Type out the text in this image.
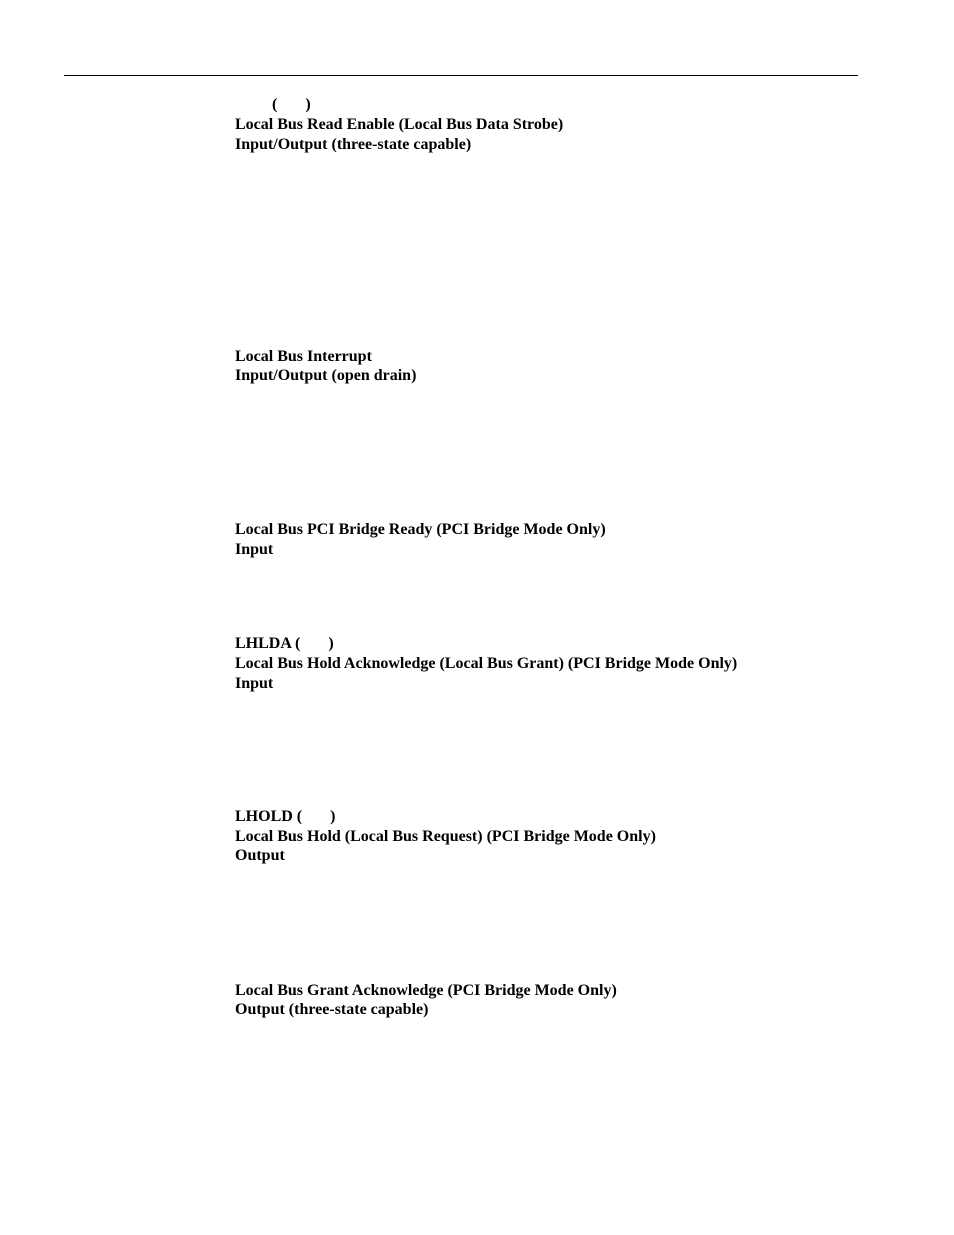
(       )
Local Bus Read Enable (Local Bus Data Strobe)
Input/Output (three-state capable)
Local Bus Interrupt
Input/Output (open drain)
Local Bus PCI Bridge Ready (PCI Bridge Mode Only)
Input
LHLDA (       )
Local Bus Hold Acknowledge (Local Bus Grant) (PCI Bridge Mode Only)
Input
LHOLD (       )
Local Bus Hold (Local Bus Request) (PCI Bridge Mode Only)
Output
Local Bus Grant Acknowledge (PCI Bridge Mode Only)
Output (three-state capable)
